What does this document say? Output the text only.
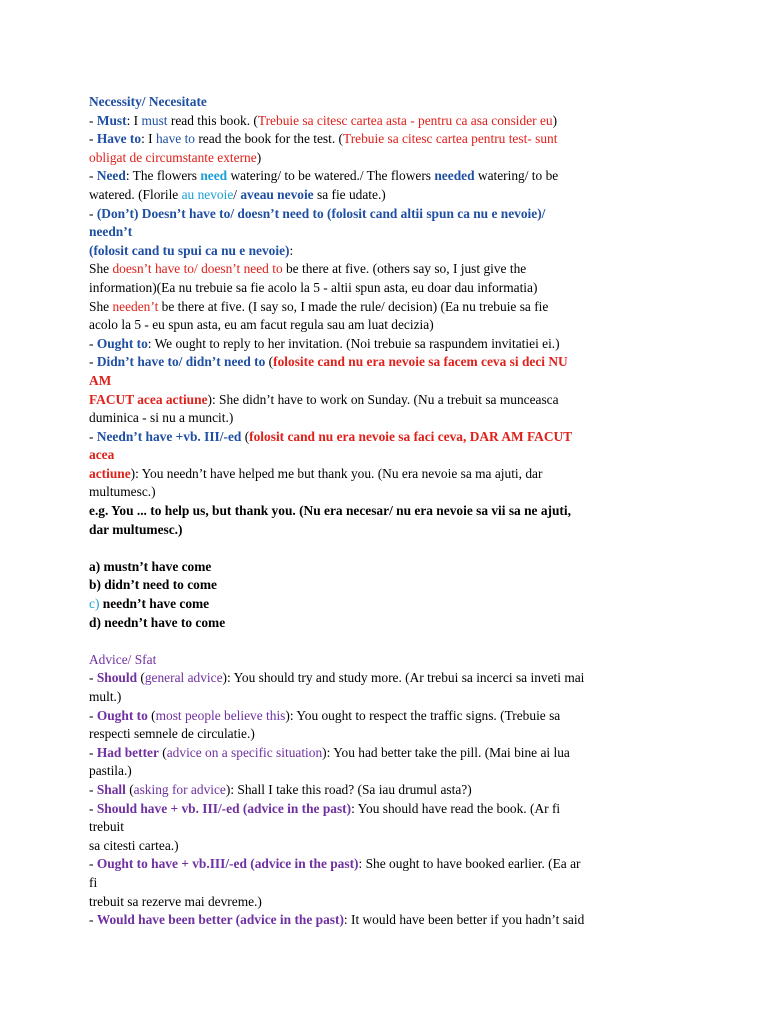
Necessity/ Necesitate
- Must: I must read this book. (Trebuie sa citesc cartea asta - pentru ca asa consider eu)
- Have to: I have to read the book for the test. (Trebuie sa citesc cartea pentru test- sunt
obligat de circumstante externe)
- Need: The flowers need watering/ to be watered./ The flowers needed watering/ to be
watered. (Florile au nevoie/ aveau nevoie sa fie udate.)
- (Don’t) Doesn’t have to/ doesn’t need to (folosit cand altii spun ca nu e nevoie)/
needn’t
(folosit cand tu spui ca nu e nevoie):
She doesn’t have to/ doesn’t need to be there at five. (others say so, I just give the
information)(Ea nu trebuie sa fie acolo la 5 - altii spun asta, eu doar dau informatia)
She needen’t be there at five. (I say so, I made the rule/ decision) (Ea nu trebuie sa fie
acolo la 5 - eu spun asta, eu am facut regula sau am luat decizia)
- Ought to: We ought to reply to her invitation. (Noi trebuie sa raspundem invitatiei ei.)
- Didn’t have to/ didn’t need to (folosite cand nu era nevoie sa facem ceva si deci NU
AM
FACUT acea actiune): She didn’t have to work on Sunday. (Nu a trebuit sa munceasca
duminica - si nu a muncit.)
- Needn’t have +vb. III/-ed (folosit cand nu era nevoie sa faci ceva, DAR AM FACUT
acea
actiune): You needn’t have helped me but thank you. (Nu era nevoie sa ma ajuti, dar
multumesc.)
e.g. You ... to help us, but thank you. (Nu era necesar/ nu era nevoie sa vii sa ne ajuti,
dar multumesc.)
a) mustn’t have come
b) didn’t need to come
c) needn’t have come
d) needn’t have to come
Advice/ Sfat
- Should (general advice): You should try and study more. (Ar trebui sa incerci sa inveti mai
mult.)
- Ought to (most people believe this): You ought to respect the traffic signs. (Trebuie sa
respecti semnele de circulatie.)
- Had better (advice on a specific situation): You had better take the pill. (Mai bine ai lua
pastila.)
- Shall (asking for advice): Shall I take this road? (Sa iau drumul asta?)
- Should have + vb. III/-ed (advice in the past): You should have read the book. (Ar fi
trebuit
sa citesti cartea.)
- Ought to have + vb.III/-ed (advice in the past): She ought to have booked earlier. (Ea ar
fi
trebuit sa rezerve mai devreme.)
- Would have been better (advice in the past): It would have been better if you hadn’t said
